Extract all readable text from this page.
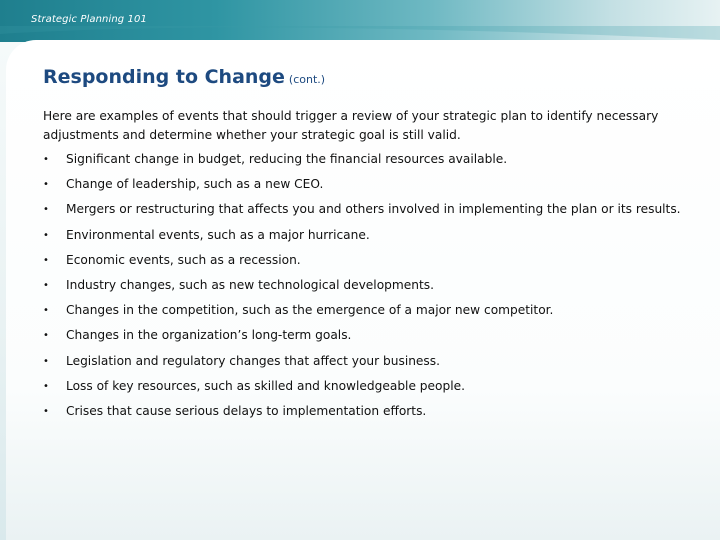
Strategic Planning 101
Responding to Change (cont.)
Here are examples of events that should trigger a review of your strategic plan to identify necessary adjustments and determine whether your strategic goal is still valid.
•	Significant change in budget, reducing the financial resources available.
•	Change of leadership, such as a new CEO.
•	Mergers or restructuring that affects you and others involved in implementing the plan or its results.
•	Environmental events, such as a major hurricane.
•	Economic events, such as a recession.
•	Industry changes, such as new technological developments.
•	Changes in the competition, such as the emergence of a major new competitor.
•	Changes in the organization’s long-term goals.
•	Legislation and regulatory changes that affect your business.
•	Loss of key resources, such as skilled and knowledgeable people.
•	Crises that cause serious delays to implementation efforts.
